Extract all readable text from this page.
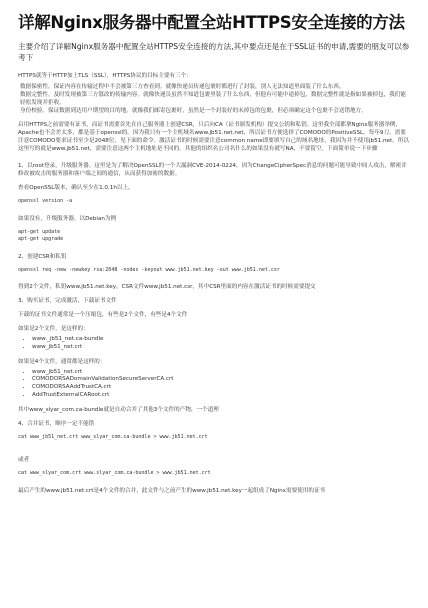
详解Nginx服务器中配置全站HTTPS安全连接的方法
主要介绍了详解Nginx服务器中配置全站HTTPS安全连接的方法,其中要点还是在于SSL证书的申请,需要的朋友可以参考下

HTTPS就等于HTTP加上TLS（SSL），HTTPS协议的目标主要有三个：

数据保密性。保证内容在传输过程中不会被第三方查看到。就像快递员传递包裹时都进行了封装，别人无法知道里面装了什么东西。

数据完整性。及时发现被第三方篡改的传输内容。就像快递员虽然不知道包裹里装了什么东西，但他有可能中途掉包，数据完整性就是指如果被掉包，我们能轻松发现并拒收。

身份校验。保证数据到达用户期望的目的地。就像我们邮寄包裹时，虽然是一个封装好的未掉包的包裹，但必须确定这个包裹不会送错地方。

启用HTTPS之前需要有证书，而证书需要首先在自己服务器上创建CSR，只后向CA（证书颁发机构）提交公钥和私钥。这里我全部都拿Nginx服务器举例，Apache也不会差太多，都是基于openssl的。因为我只有一个主机域名www.jb51.net.net，所以证书方便选择了COMODO的PositiveSSL，每年9刀。需要注意COMODO要求证书至少是2048位，见下面的命令。激活证书的时候需要注意common name即要填写自己的域名地址，我因为并不使用jb51.net，所以这里写的就是www.jb51.net，需要注意这两个主机地址是不同的。其他的组织名公司名什么的如果没有就写NA，不要留空。下面简单说一下步骤

1、以root登录，升级服务器。这里是为了解决OpenSSL的一个大漏洞CVE-2014-0224，因为ChangeCipherSpec消息的问题可能导致中间人攻击，解密并修改被攻击的服务器和客户端之间的通信，从而获得加密的数据。

查看OpenSSL版本，确认至少在1.0.1h以上，

openssl version -a

如果没有，升级服务器，以Debian为例

apt-get update
apt-get upgrade

2、创建CSR和私钥

openssl req -new -newkey rsa:2048 -nodes -keyout www.jb51.net.key -out www.jb51.net.csr

得到2个文件，私钥www.jb51.net.key，CSR文件www.jb51.net.csr，其中CSR里面的内容在激活证书的时候需要提交

3、购买证书，完成激活，下载证书文件

下载的证书文件通常是一个压缩包，有些是2个文件，有些是4个文件

如果是2个文件，是这样的：

• www._jb51_net.ca-bundle
• www_jb51_net.crt

如果是4个文件，通常都是这样的：

• www_jb51_net.crt
• COMODORSADomainValidationSecureServerCA.crt
• COMODORSAAddTrustCA.crt
• AddTrustExternalCARoot.crt

其中www_slyar_com.ca-bundle就是自动合并了其他3个文件的产物，一个道理

4、合并证书，顺序一定不能错

cat www_jb51_net.crt www_slyar_com.ca-bundle > www.jb51.net.crt

或者

cat www_slyar_com.crt www.slyar_com.ca-bundle > www.jb51.net.crt

最后产生的www.jb51.net.crt是4个文件的合并，此文件与之前产生的www.jb51.net.key一起组成了Nginx需要使用的证书
